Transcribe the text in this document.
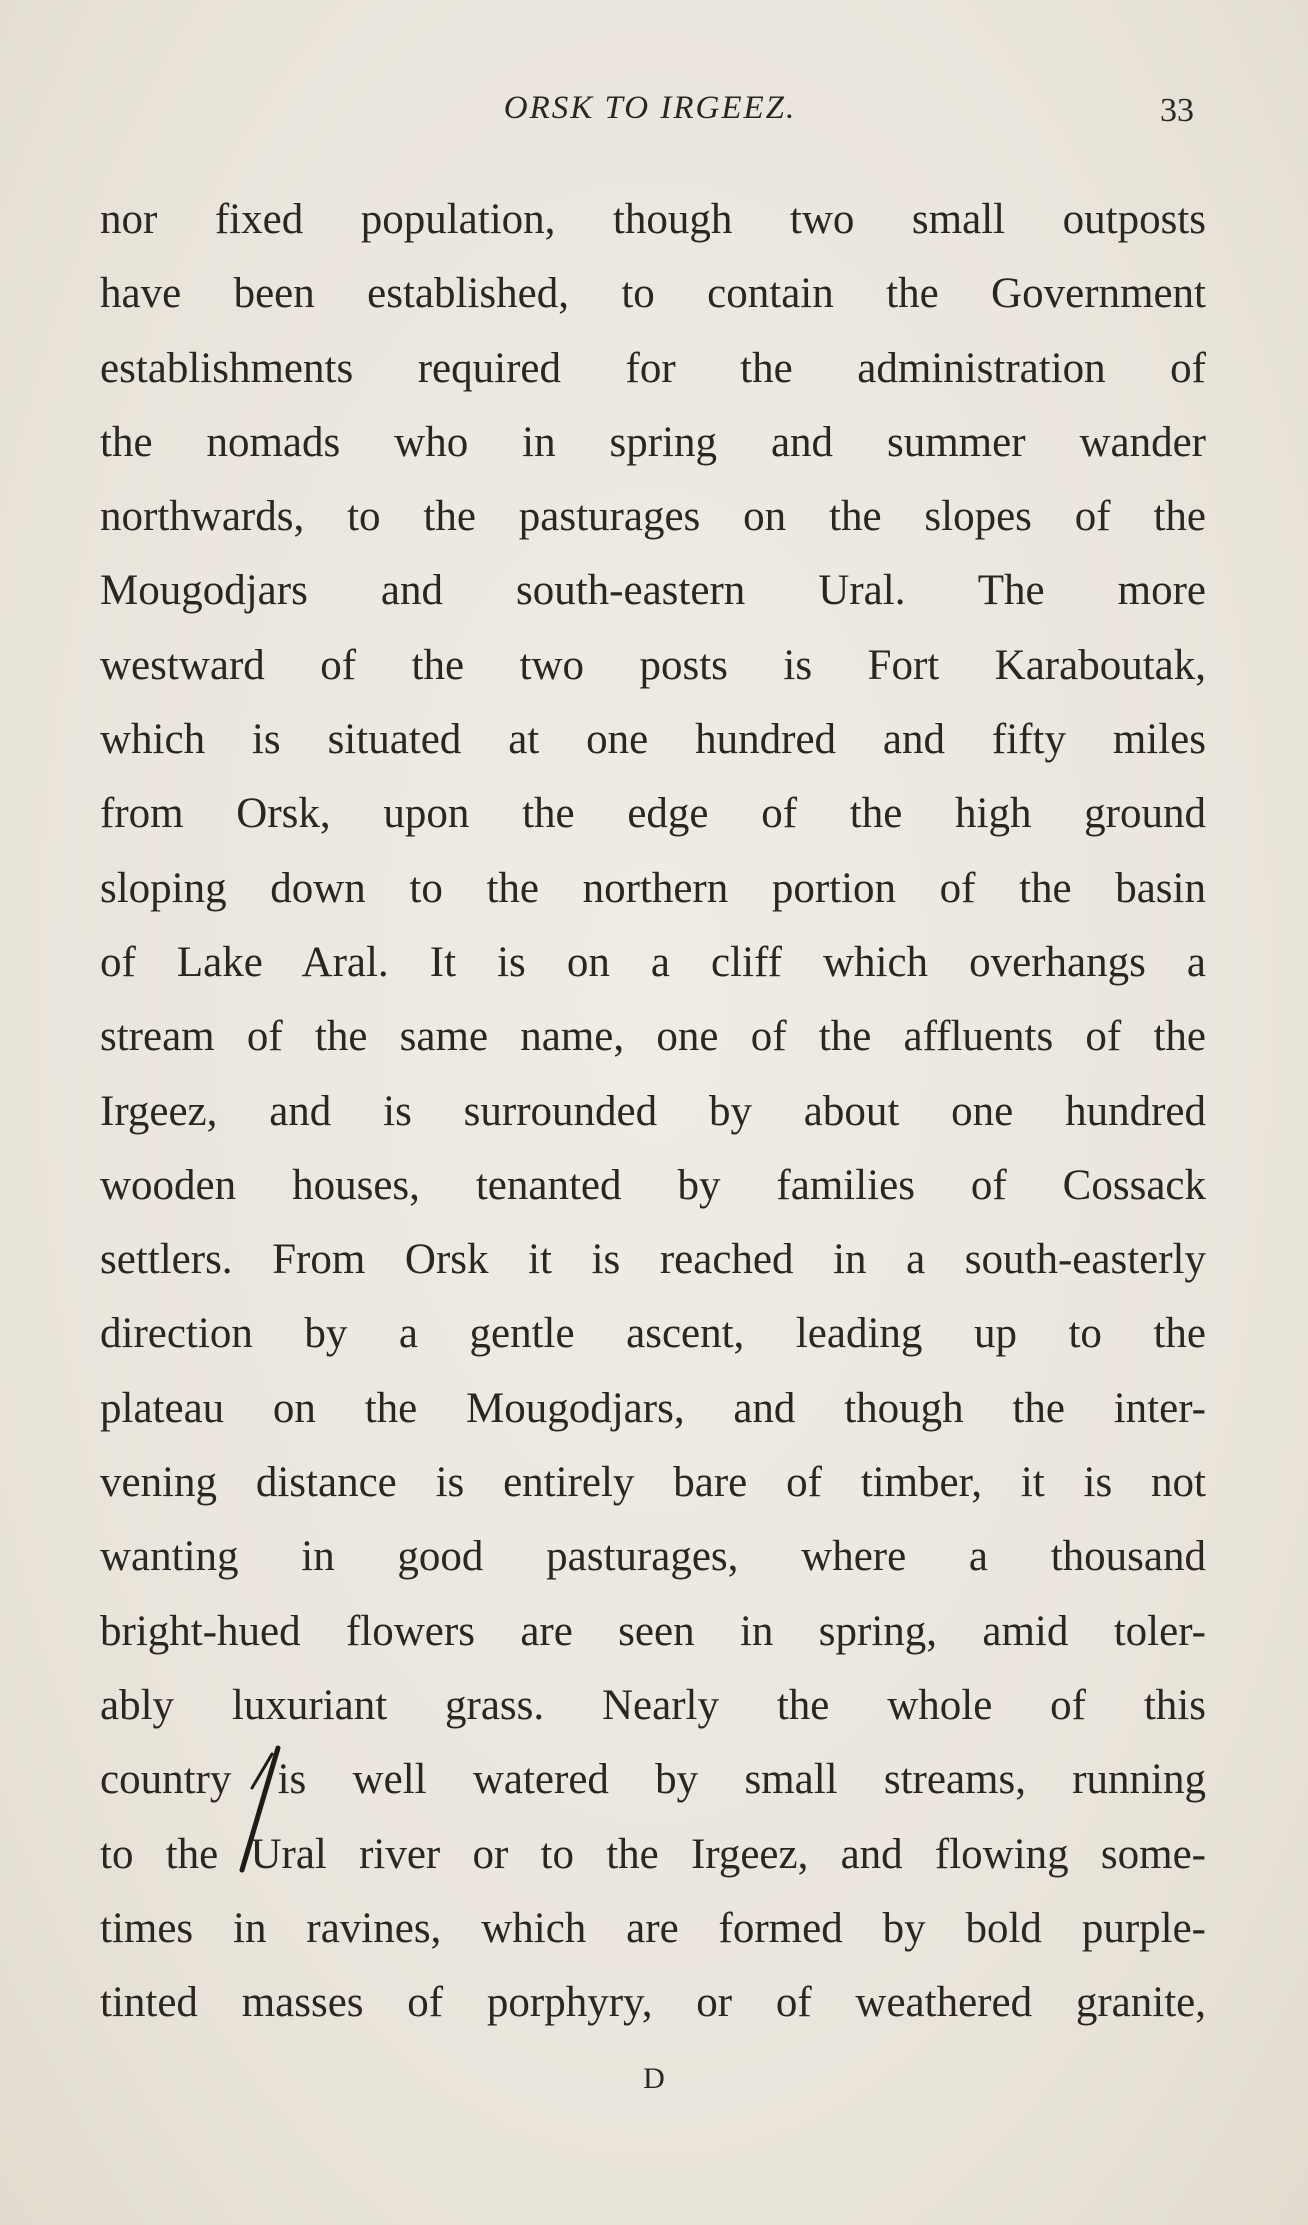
ORSK TO IRGEEZ.	33
nor fixed population, though two small outposts
have been established, to contain the Government
establishments required for the administration of
the nomads who in spring and summer wander
northwards, to the pasturages on the slopes of the
Mougodjars and south-eastern Ural. The more
westward of the two posts is Fort Karaboutak,
which is situated at one hundred and fifty miles
from Orsk, upon the edge of the high ground
sloping down to the northern portion of the basin
of Lake Aral. It is on a cliff which overhangs a
stream of the same name, one of the affluents of the
Irgeez, and is surrounded by about one hundred
wooden houses, tenanted by families of Cossack
settlers. From Orsk it is reached in a south-easterly
direction by a gentle ascent, leading up to the
plateau on the Mougodjars, and though the inter-
vening distance is entirely bare of timber, it is not
wanting in good pasturages, where a thousand
bright-hued flowers are seen in spring, amid toler-
ably luxuriant grass. Nearly the whole of this
country is well watered by small streams, running
to the Ural river or to the Irgeez, and flowing some-
times in ravines, which are formed by bold purple-
tinted masses of porphyry, or of weathered granite,
D
